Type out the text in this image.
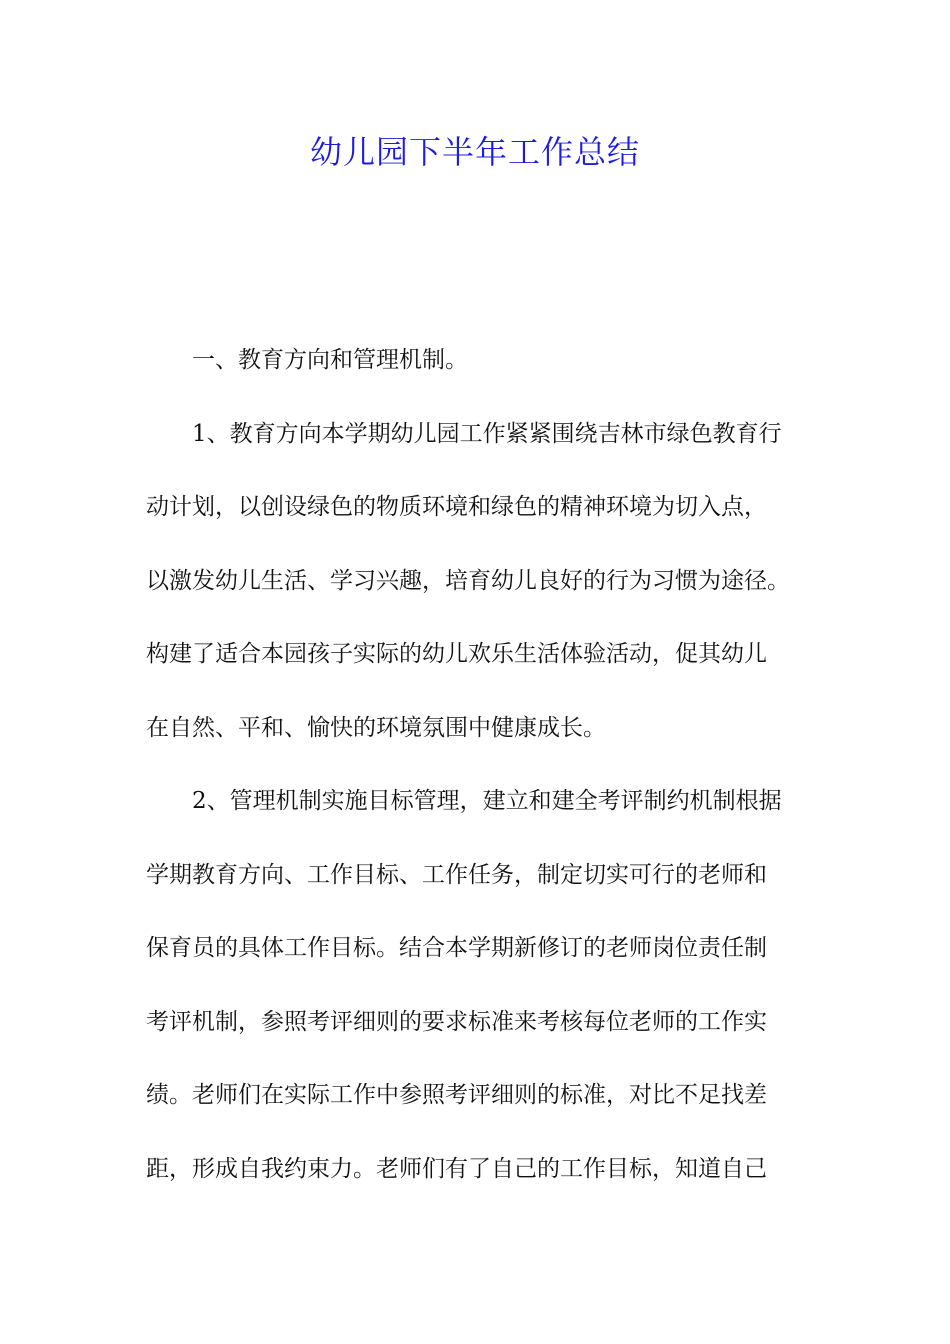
幼儿园下半年工作总结
一、教育方向和管理机制。
1、教育方向本学期幼儿园工作紧紧围绕吉林市绿色教育行
动计划，以创设绿色的物质环境和绿色的精神环境为切入点，
以激发幼儿生活、学习兴趣，培育幼儿良好的行为习惯为途径。
构建了适合本园孩子实际的幼儿欢乐生活体验活动，促其幼儿
在自然、平和、愉快的环境氛围中健康成长。
2、管理机制实施目标管理，建立和建全考评制约机制根据
学期教育方向、工作目标、工作任务，制定切实可行的老师和
保育员的具体工作目标。结合本学期新修订的老师岗位责任制
考评机制，参照考评细则的要求标准来考核每位老师的工作实
绩。老师们在实际工作中参照考评细则的标准，对比不足找差
距，形成自我约束力。老师们有了自己的工作目标，知道自己
